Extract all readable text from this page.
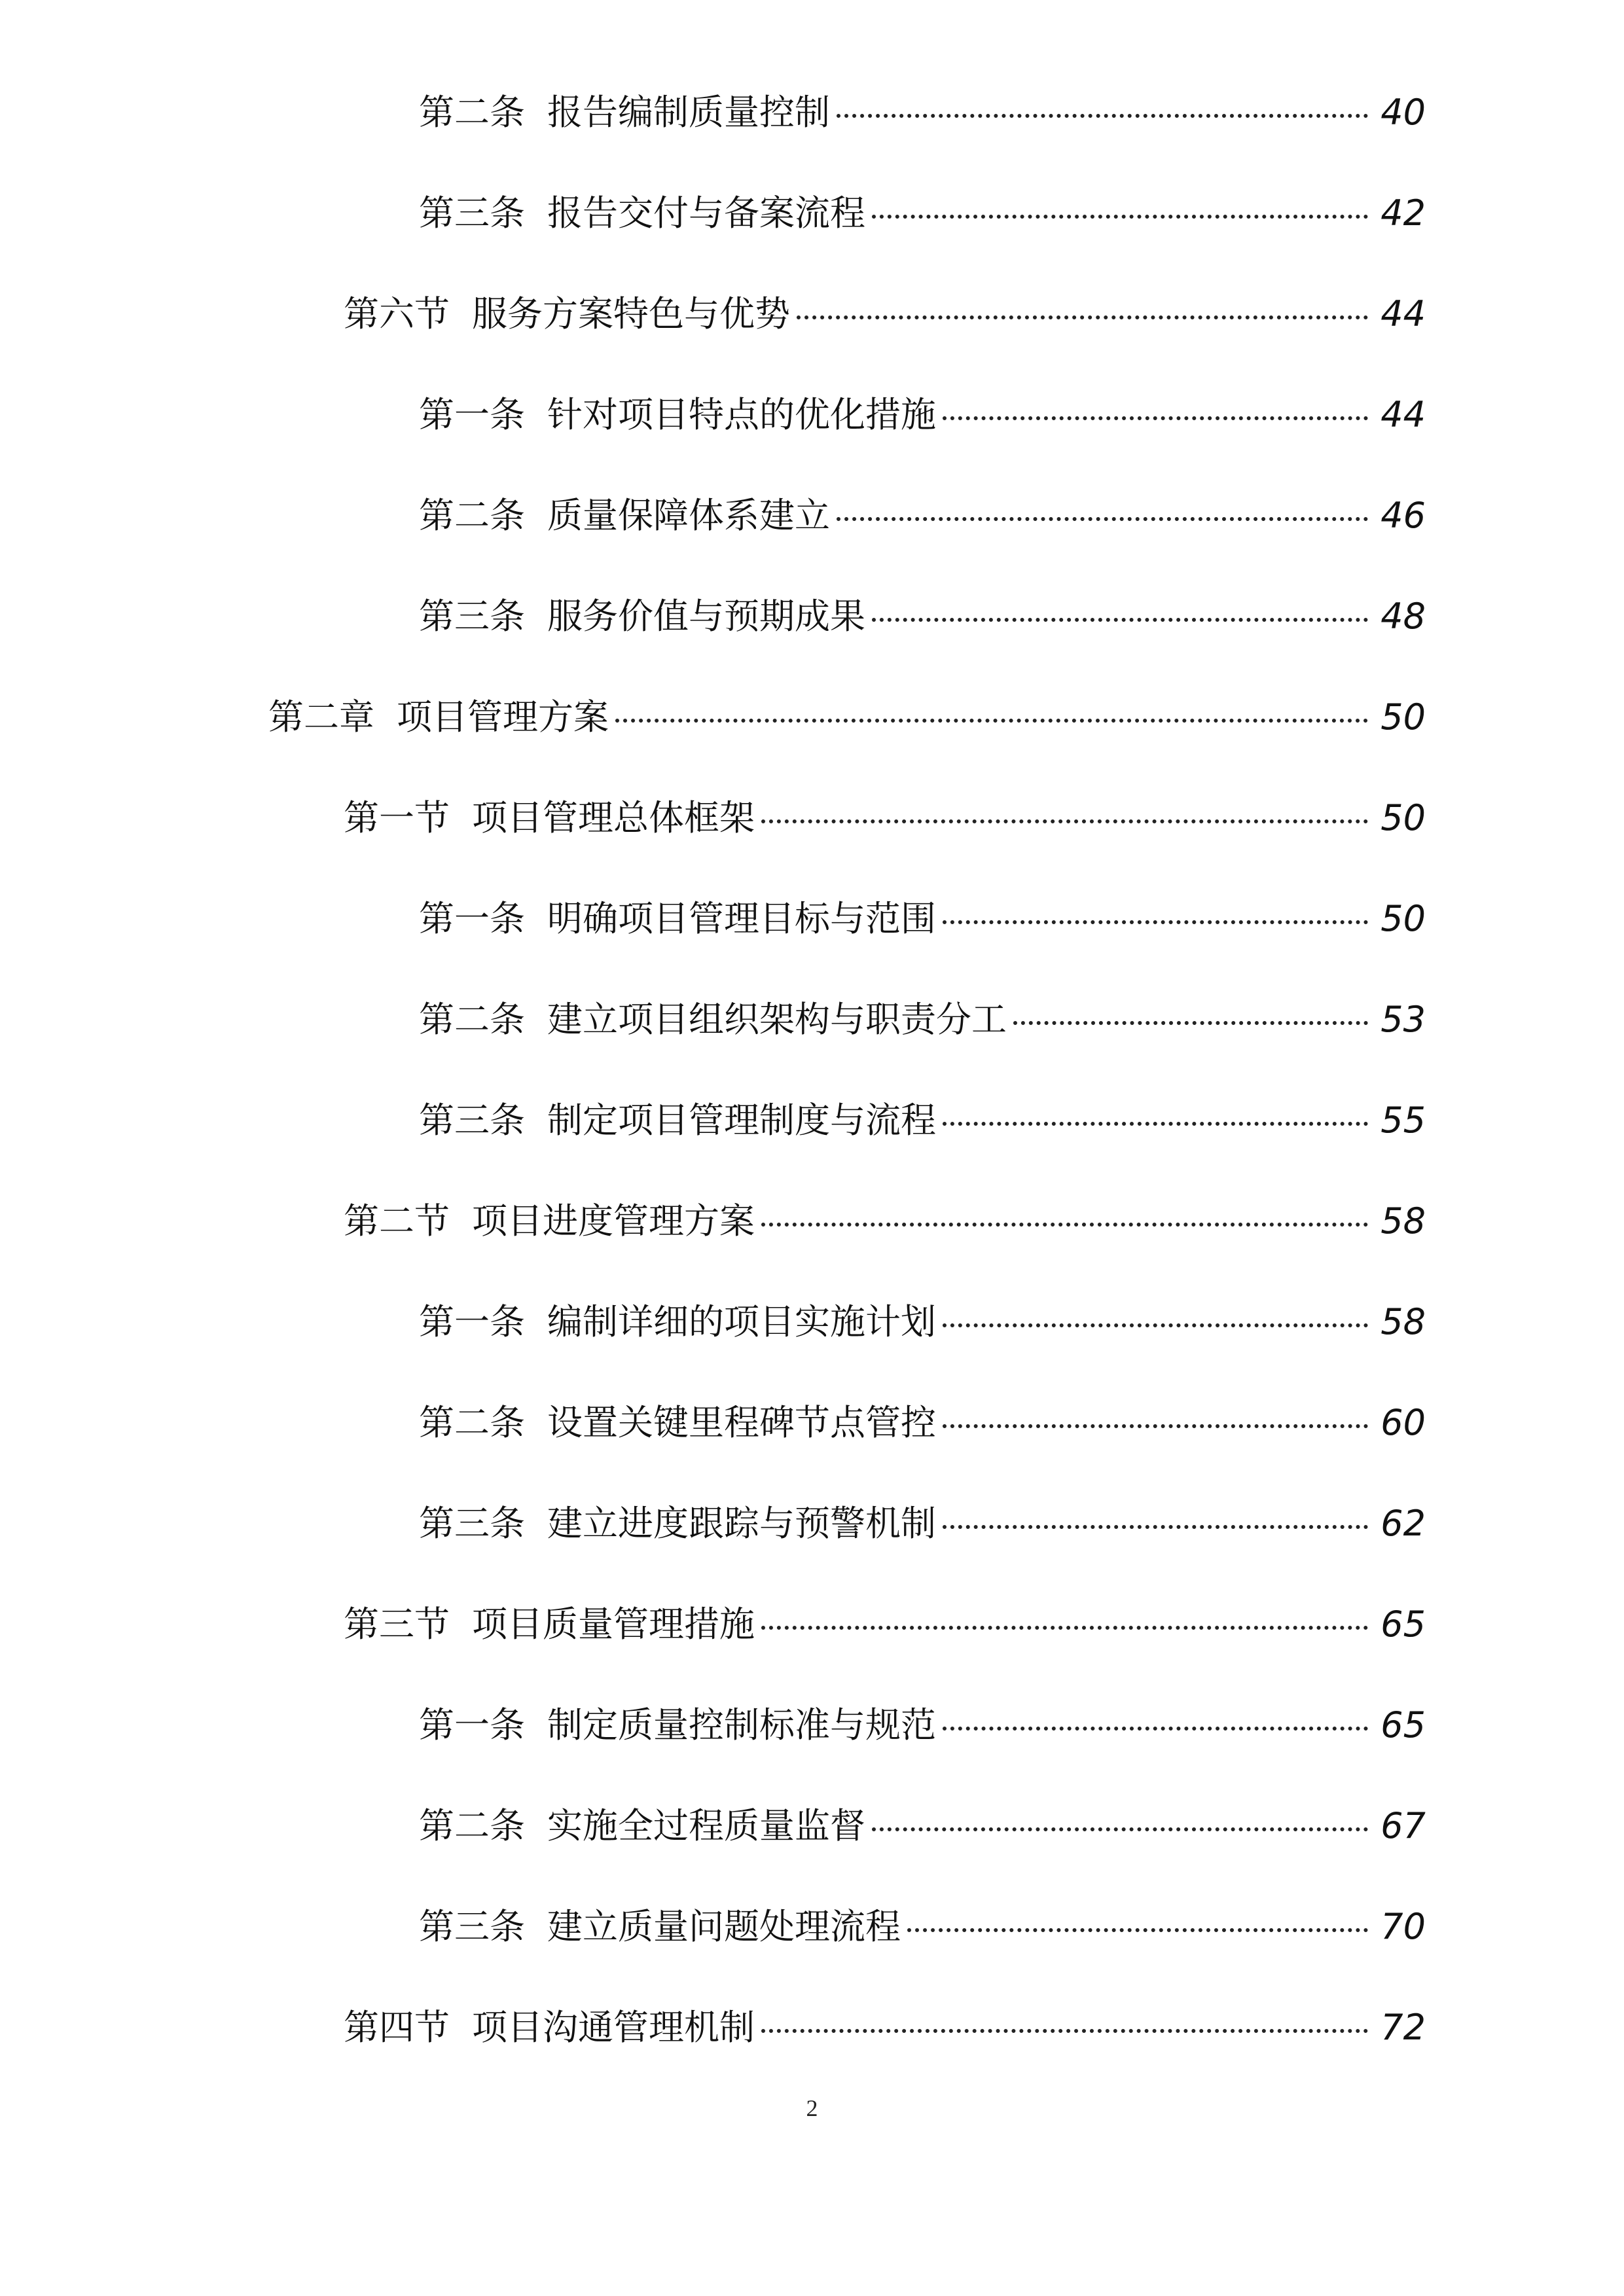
第二条 报告编制质量控制	40
第三条 报告交付与备案流程	42
第六节 服务方案特色与优势	44
第一条 针对项目特点的优化措施	44
第二条 质量保障体系建立	46
第三条 服务价值与预期成果	48
第二章 项目管理方案	50
第一节 项目管理总体框架	50
第一条 明确项目管理目标与范围	50
第二条 建立项目组织架构与职责分工	53
第三条 制定项目管理制度与流程	55
第二节 项目进度管理方案	58
第一条 编制详细的项目实施计划	58
第二条 设置关键里程碑节点管控	60
第三条 建立进度跟踪与预警机制	62
第三节 项目质量管理措施	65
第一条 制定质量控制标准与规范	65
第二条 实施全过程质量监督	67
第三条 建立质量问题处理流程	70
第四节 项目沟通管理机制	72
2
